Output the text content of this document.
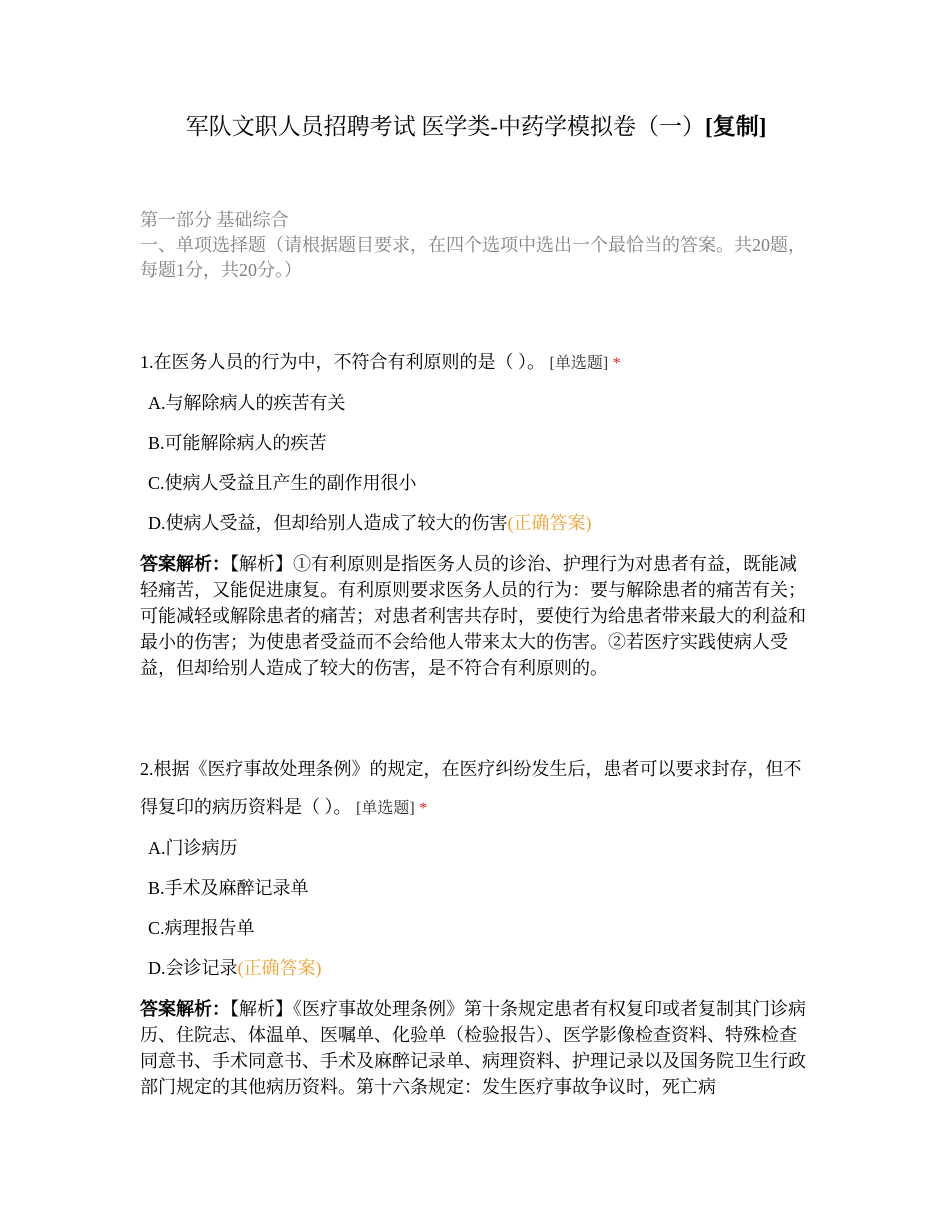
军队文职人员招聘考试 医学类-中药学模拟卷（一）[复制]
第一部分 基础综合
一、单项选择题（请根据题目要求，在四个选项中选出一个最恰当的答案。共20题，每题1分，共20分。）
1.在医务人员的行为中，不符合有利原则的是（ ）。 [单选题] *
A.与解除病人的疾苦有关
B.可能解除病人的疾苦
C.使病人受益且产生的副作用很小
D.使病人受益，但却给别人造成了较大的伤害(正确答案)
答案解析：【解析】①有利原则是指医务人员的诊治、护理行为对患者有益，既能减轻痛苦，又能促进康复。有利原则要求医务人员的行为：要与解除患者的痛苦有关；可能减轻或解除患者的痛苦；对患者利害共存时，要使行为给患者带来最大的利益和最小的伤害；为使患者受益而不会给他人带来太大的伤害。②若医疗实践使病人受益，但却给别人造成了较大的伤害，是不符合有利原则的。
2.根据《医疗事故处理条例》的规定，在医疗纠纷发生后，患者可以要求封存，但不得复印的病历资料是（ ）。 [单选题] *
A.门诊病历
B.手术及麻醉记录单
C.病理报告单
D.会诊记录(正确答案)
答案解析：【解析】《医疗事故处理条例》第十条规定患者有权复印或者复制其门诊病历、住院志、体温单、医嘱单、化验单（检验报告）、医学影像检查资料、特殊检查同意书、手术同意书、手术及麻醉记录单、病理资料、护理记录以及国务院卫生行政部门规定的其他病历资料。第十六条规定：发生医疗事故争议时，死亡病
